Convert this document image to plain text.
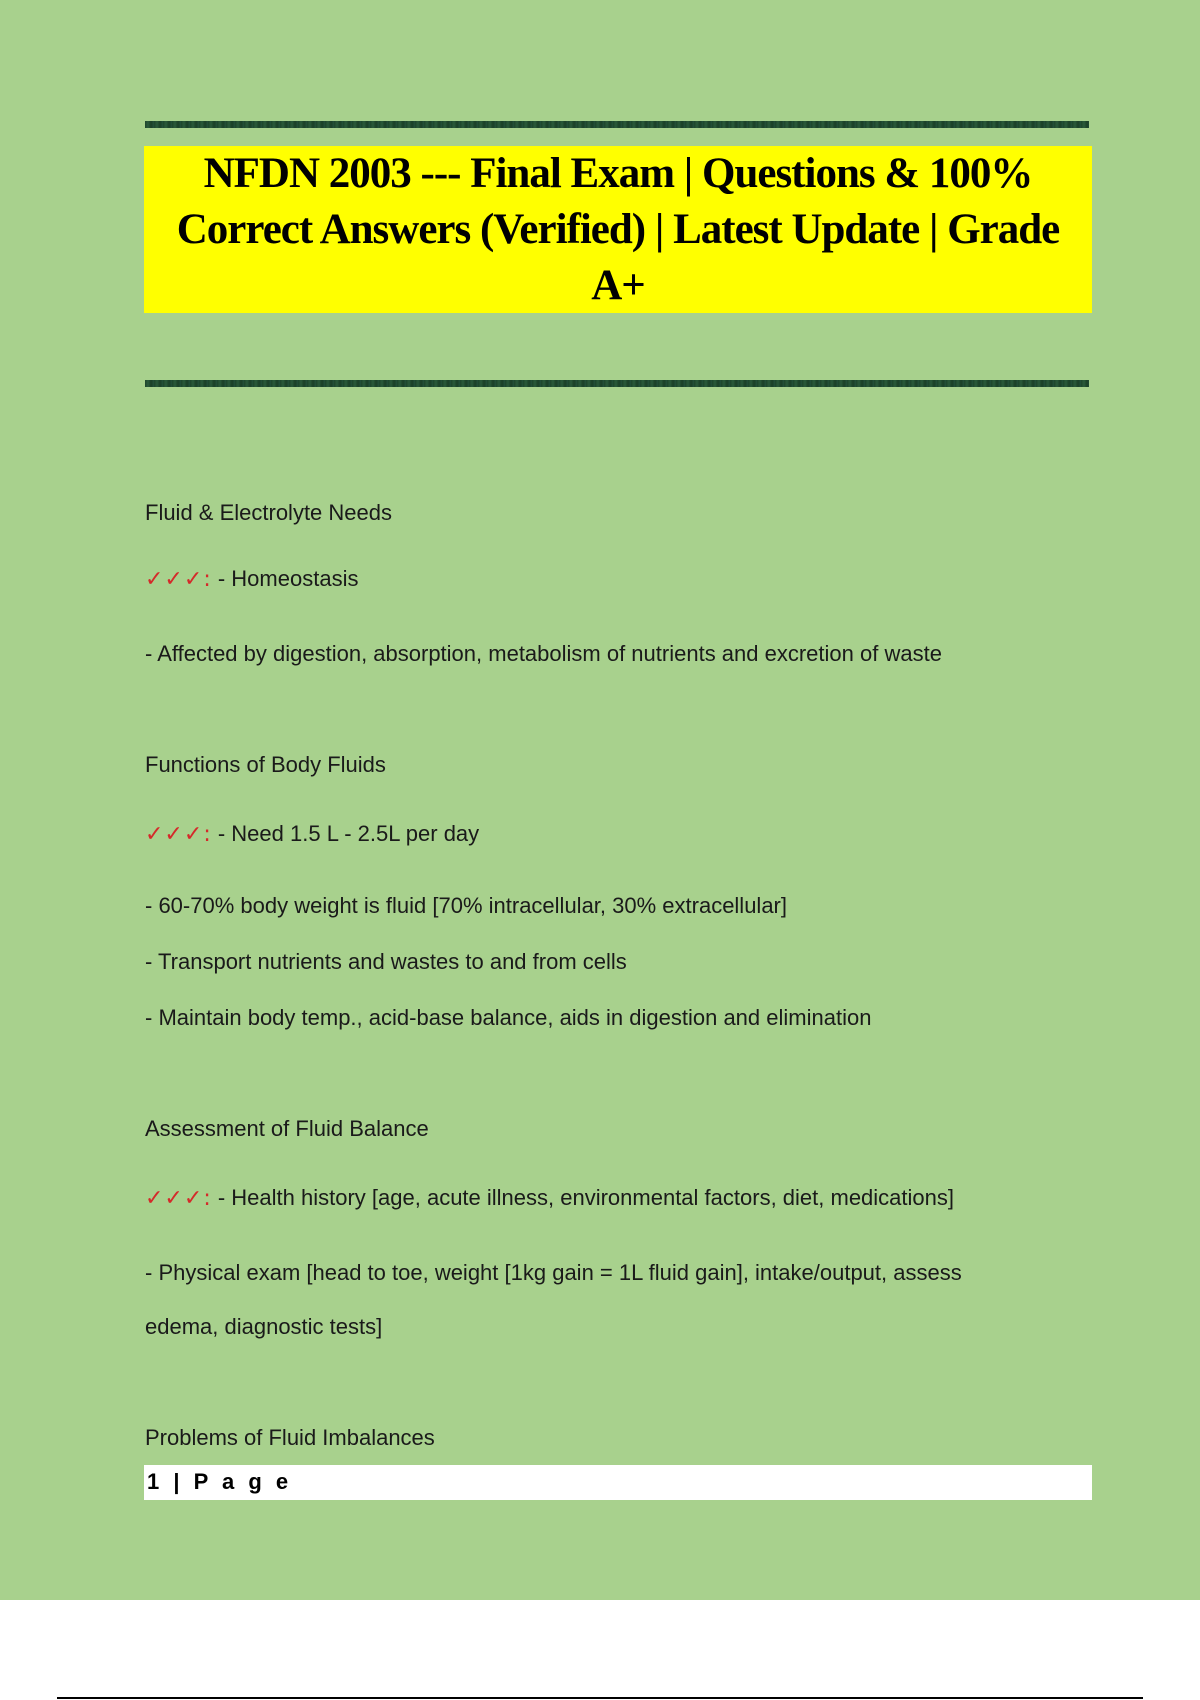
NFDN 2003 --- Final Exam | Questions & 100% Correct Answers (Verified) | Latest Update | Grade A+
Fluid & Electrolyte Needs
✓✓✓: - Homeostasis
- Affected by digestion, absorption, metabolism of nutrients and excretion of waste
Functions of Body Fluids
✓✓✓: - Need 1.5 L - 2.5L per day
- 60-70% body weight is fluid [70% intracellular, 30% extracellular]
- Transport nutrients and wastes to and from cells
- Maintain body temp., acid-base balance, aids in digestion and elimination
Assessment of Fluid Balance
✓✓✓: - Health history [age, acute illness, environmental factors, diet, medications]
- Physical exam [head to toe, weight [1kg gain = 1L fluid gain], intake/output, assess
edema, diagnostic tests]
Problems of Fluid Imbalances
1 | P a g e
